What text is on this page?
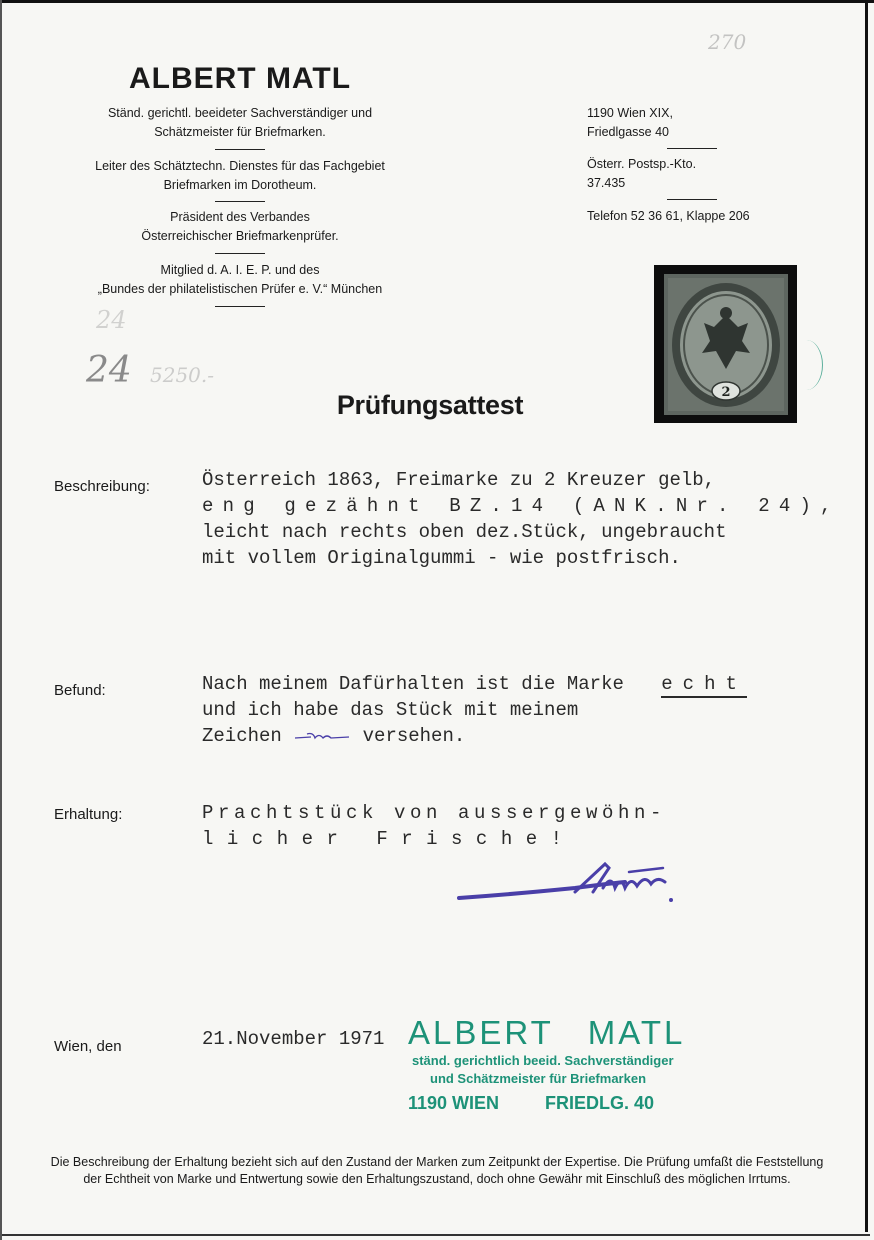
ALBERT MATL
Ständ. gerichtl. beeideter Sachverständiger und
Schätzmeister für Briefmarken.
Leiter des Schätztechn. Dienstes für das Fachgebiet
Briefmarken im Dorotheum.
Präsident des Verbandes
Österreichischer Briefmarkenprüfer.
Mitglied d. A. I. E. P. und des
„Bundes der philatelistischen Prüfer e. V.“ München
1190 Wien XIX,
Friedlgasse 40
Österr. Postsp.-Kto.
37.435
Telefon 52 36 61, Klappe 206
270
24
24 5250.-
2
Prüfungsattest
Beschreibung:	Österreich 1863, Freimarke zu 2 Kreuzer gelb,
eng gezähnt BZ.14 (ANK.Nr. 24),
leicht nach rechts oben dez.Stück, ungebraucht
mit vollem Originalgummi - wie postfrisch.
Befund:	Nach meinem Dafürhalten ist die Marke echt
und ich habe das Stück mit meinem
Zeichen	versehen.
Erhaltung:	Prachtstück von aussergewöhn-
licher Frische!
Wien, den	21.November 1971 ALBERT MATL
ständ. gerichtlich beeid. Sachverständiger
und Schätzmeister für Briefmarken
1190 WIEN	FRIEDLG. 40
Die Beschreibung der Erhaltung bezieht sich auf den Zustand der Marken zum Zeitpunkt der Expertise. Die Prüfung umfaßt die Feststellung der Echtheit von Marke und Entwertung sowie den Erhaltungszustand, doch ohne Gewähr mit Einschluß des möglichen Irrtums.
